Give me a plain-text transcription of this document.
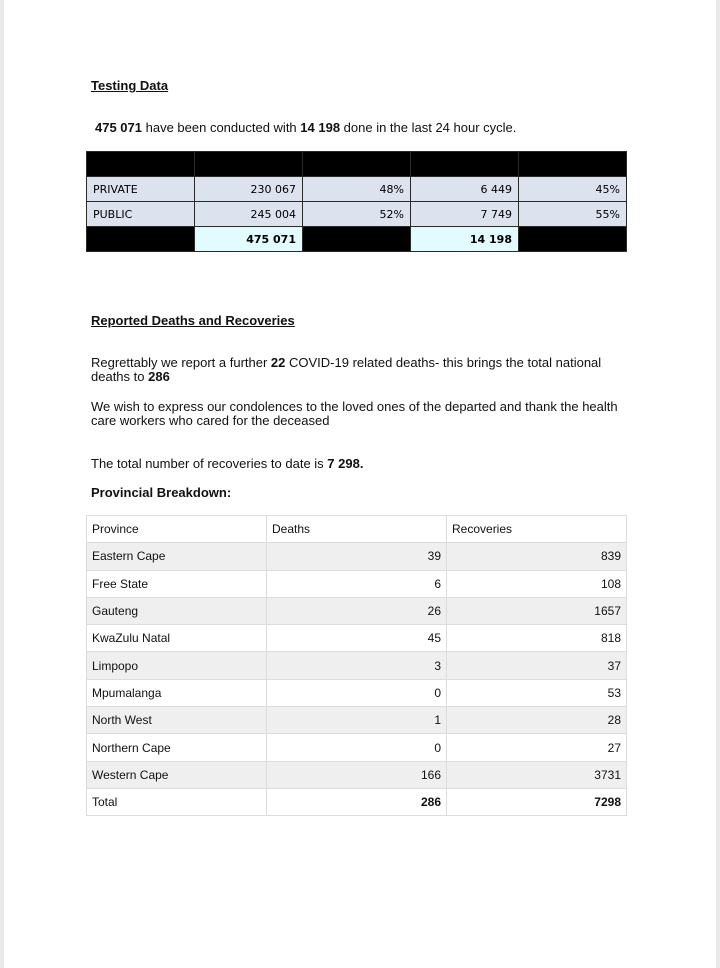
Testing Data
475 071 have been conducted with 14 198 done in the last 24 hour cycle.

PRIVATE	230 067	48%	6 449	45%
PUBLIC	245 004	52%	7 749	55%
	475 071		14 198	
Reported Deaths and Recoveries
Regrettably we report a further 22 COVID-19 related deaths- this brings the total national deaths to 286
We wish to express our condolences to the loved ones of the departed and thank the health care workers who cared for the deceased
The total number of recoveries to date is 7 298.
Provincial Breakdown:
Province	Deaths	Recoveries
Eastern Cape	39	839
Free State	6	108
Gauteng	26	1657
KwaZulu Natal	45	818
Limpopo	3	37
Mpumalanga	0	53
North West	1	28
Northern Cape	0	27
Western Cape	166	3731
Total	286	7298
